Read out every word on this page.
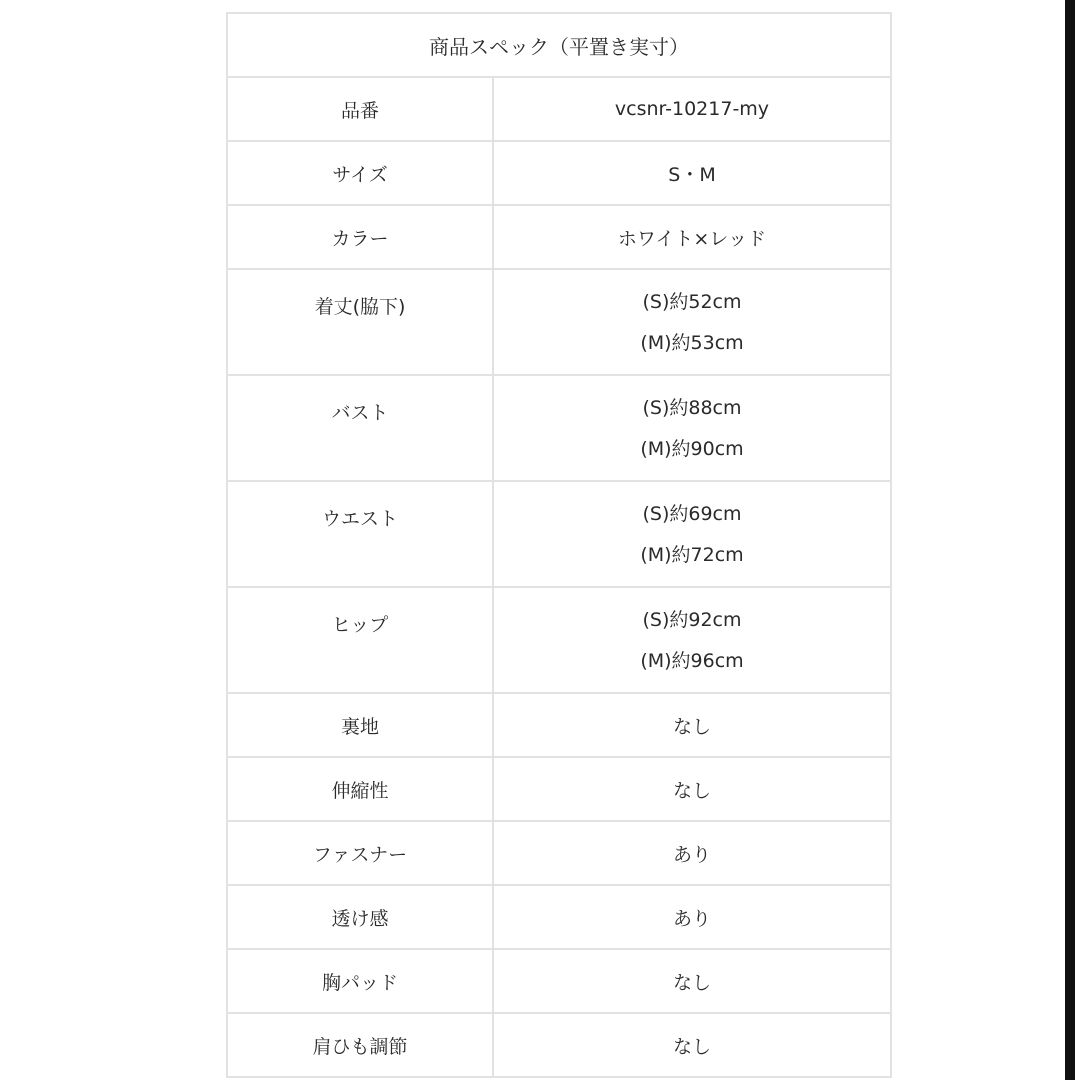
商品スペック（平置き実寸）	
品番	vcsnr-10217-my
サイズ	S・M
カラー	ホワイト×レッド
着丈(脇下)	(S)約52cm
(M)約53cm

バスト	(S)約88cm
(M)約90cm

ウエスト	(S)約69cm
(M)約72cm

ヒップ	(S)約92cm
(M)約96cm

裏地	なし
伸縮性	なし
ファスナー	あり
透け感	あり
胸パッド	なし
肩ひも調節	なし
